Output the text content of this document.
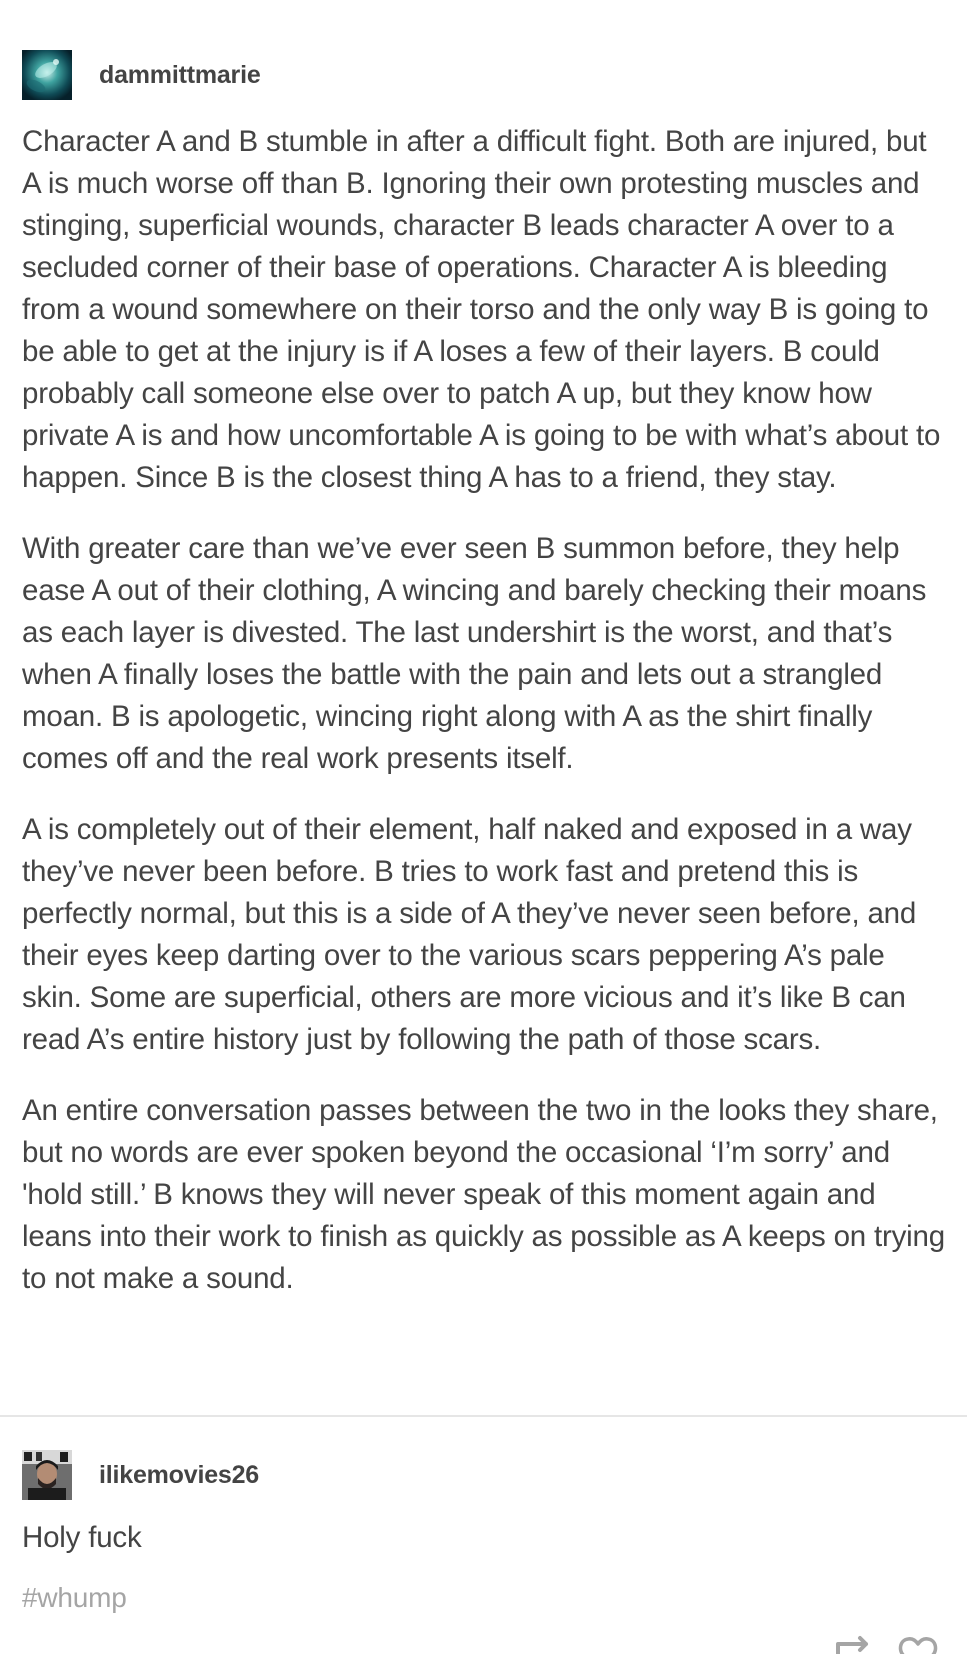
dammittmarie

Character A and B stumble in after a difficult fight. Both are injured, but A is much worse off than B. Ignoring their own protesting muscles and stinging, superficial wounds, character B leads character A over to a secluded corner of their base of operations. Character A is bleeding from a wound somewhere on their torso and the only way B is going to be able to get at the injury is if A loses a few of their layers. B could probably call someone else over to patch A up, but they know how private A is and how uncomfortable A is going to be with what’s about to happen. Since B is the closest thing A has to a friend, they stay.

With greater care than we’ve ever seen B summon before, they help ease A out of their clothing, A wincing and barely checking their moans as each layer is divested. The last undershirt is the worst, and that’s when A finally loses the battle with the pain and lets out a strangled moan. B is apologetic, wincing right along with A as the shirt finally comes off and the real work presents itself.

A is completely out of their element, half naked and exposed in a way they’ve never been before. B tries to work fast and pretend this is perfectly normal, but this is a side of A they’ve never seen before, and their eyes keep darting over to the various scars peppering A’s pale skin. Some are superficial, others are more vicious and it’s like B can read A’s entire history just by following the path of those scars.

An entire conversation passes between the two in the looks they share, but no words are ever spoken beyond the occasional ‘I’m sorry’ and 'hold still.’ B knows they will never speak of this moment again and leans into their work to finish as quickly as possible as A keeps on trying to not make a sound.

ilikemovies26

Holy fuck

#whump
